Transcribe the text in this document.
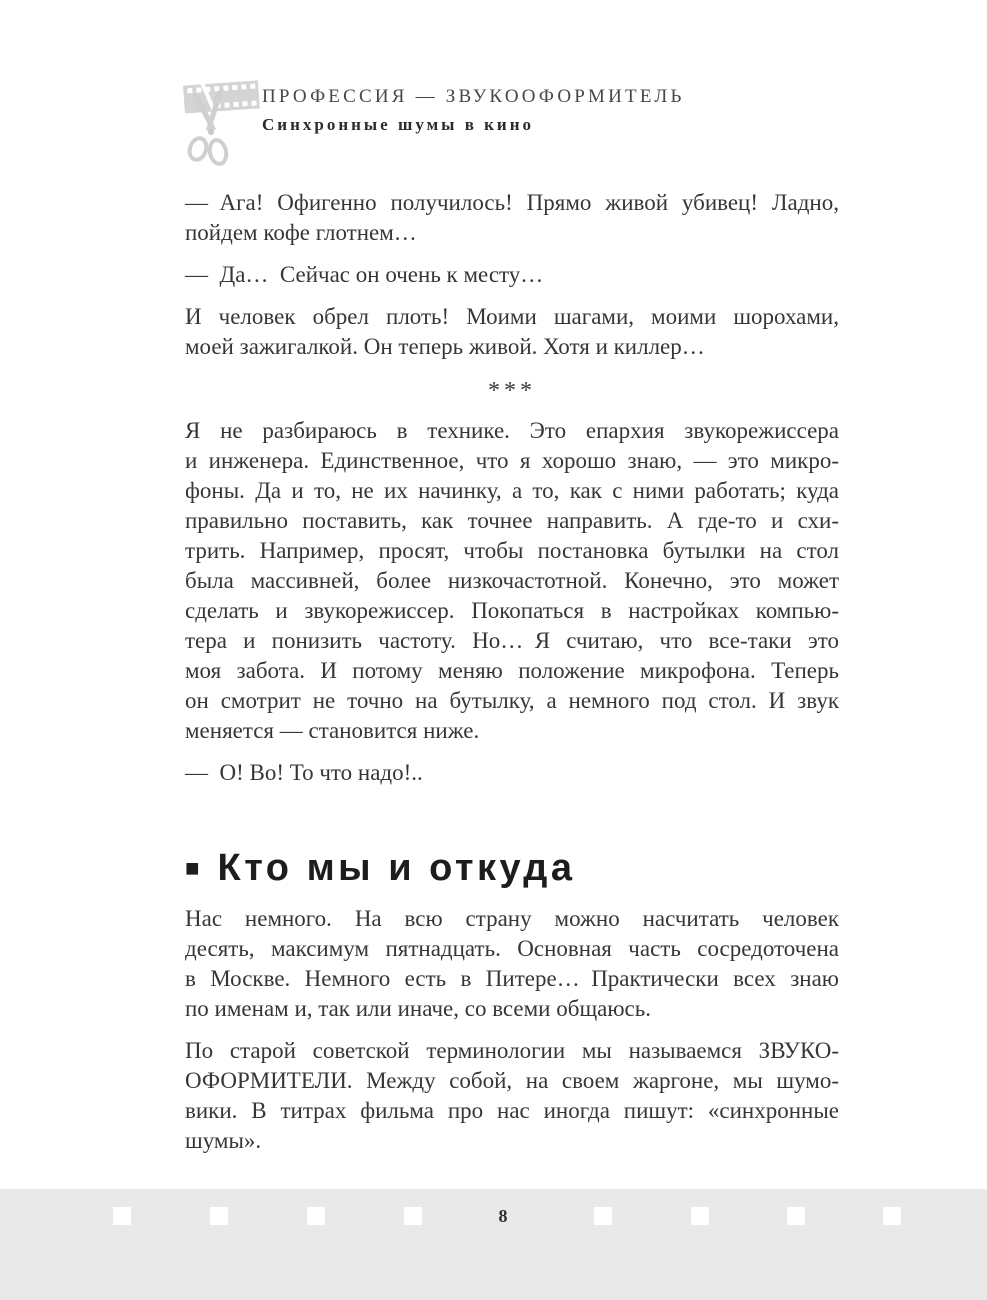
ПРОФЕССИЯ — ЗВУКООФОРМИТЕЛЬ
Синхронные шумы в кино
— Ага! Офигенно получилось! Прямо живой убивец! Ладно,
пойдем кофе глотнем…
— Да… Сейчас он очень к месту…
И человек обрел плоть! Моими шагами, моими шорохами,
моей зажигалкой. Он теперь живой. Хотя и киллер…
***
Я не разбираюсь в технике. Это епархия звукорежиссера
и инженера. Единственное, что я хорошо знаю, — это микро-
фоны. Да и то, не их начинку, а то, как с ними работать; куда
правильно поставить, как точнее направить. А где-то и схи-
трить. Например, просят, чтобы постановка бутылки на стол
была массивней, более низкочастотной. Конечно, это может
сделать и звукорежиссер. Покопаться в настройках компью-
тера и понизить частоту. Но… Я считаю, что все-таки это
моя забота. И потому меняю положение микрофона. Теперь
он смотрит не точно на бутылку, а немного под стол. И звук
меняется — становится ниже.
— О! Во! То что надо!..
■ Кто мы и откуда
Нас немного. На всю страну можно насчитать человек
десять, максимум пятнадцать. Основная часть сосредоточена
в Москве. Немного есть в Питере… Практически всех знаю
по именам и, так или иначе, со всеми общаюсь.
По старой советской терминологии мы называемся ЗВУКО-
ОФОРМИТЕЛИ. Между собой, на своем жаргоне, мы шумо-
вики. В титрах фильма про нас иногда пишут: «синхронные
шумы».
8
